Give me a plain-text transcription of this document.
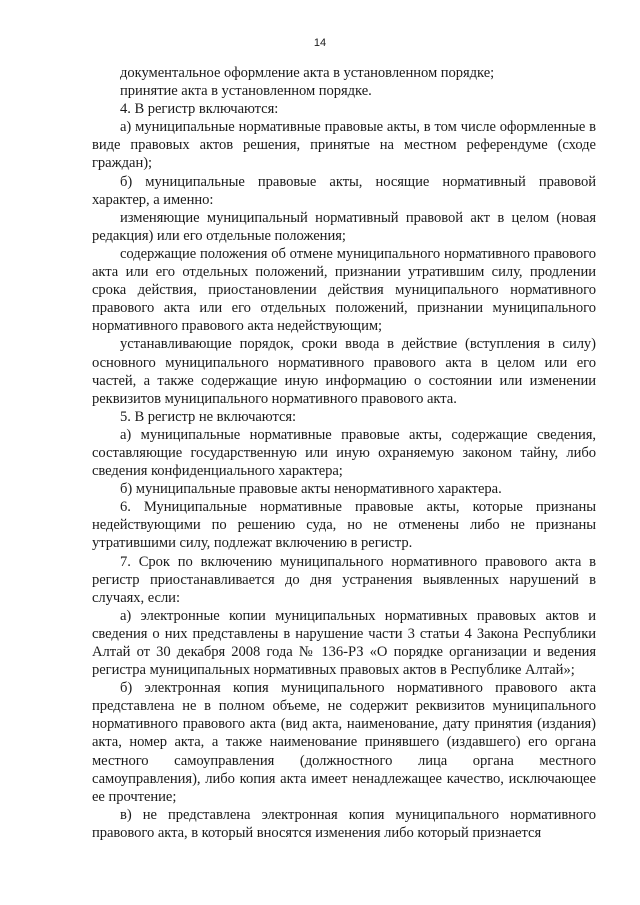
14

документальное оформление акта в установленном порядке;

принятие акта в установленном порядке.

4. В регистр включаются:

а) муниципальные нормативные правовые акты, в том числе оформленные в виде правовых актов решения, принятые на местном референдуме (сходе граждан);

б) муниципальные правовые акты, носящие нормативный правовой характер, а именно:

изменяющие муниципальный нормативный правовой акт в целом (новая редакция) или его отдельные положения;

содержащие положения об отмене муниципального нормативного правового акта или его отдельных положений, признании утратившим силу, продлении срока действия, приостановлении действия муниципального нормативного правового акта или его отдельных положений, признании муниципального нормативного правового акта недействующим;

устанавливающие порядок, сроки ввода в действие (вступления в силу) основного муниципального нормативного правового акта в целом или его частей, а также содержащие иную информацию о состоянии или изменении реквизитов муниципального нормативного правового акта.

5. В регистр не включаются:

а) муниципальные нормативные правовые акты, содержащие сведения, составляющие государственную или иную охраняемую законом тайну, либо сведения конфиденциального характера;

б) муниципальные правовые акты ненормативного характера.

6. Муниципальные нормативные правовые акты, которые признаны недействующими по решению суда, но не отменены либо не признаны утратившими силу, подлежат включению в регистр.

7. Срок по включению муниципального нормативного правового акта в регистр приостанавливается до дня устранения выявленных нарушений в случаях, если:

а) электронные копии муниципальных нормативных правовых актов и сведения о них представлены в нарушение части 3 статьи 4 Закона Республики Алтай от 30 декабря 2008 года № 136-РЗ «О порядке организации и ведения регистра муниципальных нормативных правовых актов в Республике Алтай»;

б) электронная копия муниципального нормативного правового акта представлена не в полном объеме, не содержит реквизитов муниципального нормативного правового акта (вид акта, наименование, дату принятия (издания) акта, номер акта, а также наименование принявшего (издавшего) его органа местного самоуправления (должностного лица органа местного самоуправления), либо копия акта имеет ненадлежащее качество, исключающее ее прочтение;

в) не представлена электронная копия муниципального нормативного правового акта, в который вносятся изменения либо который признается
